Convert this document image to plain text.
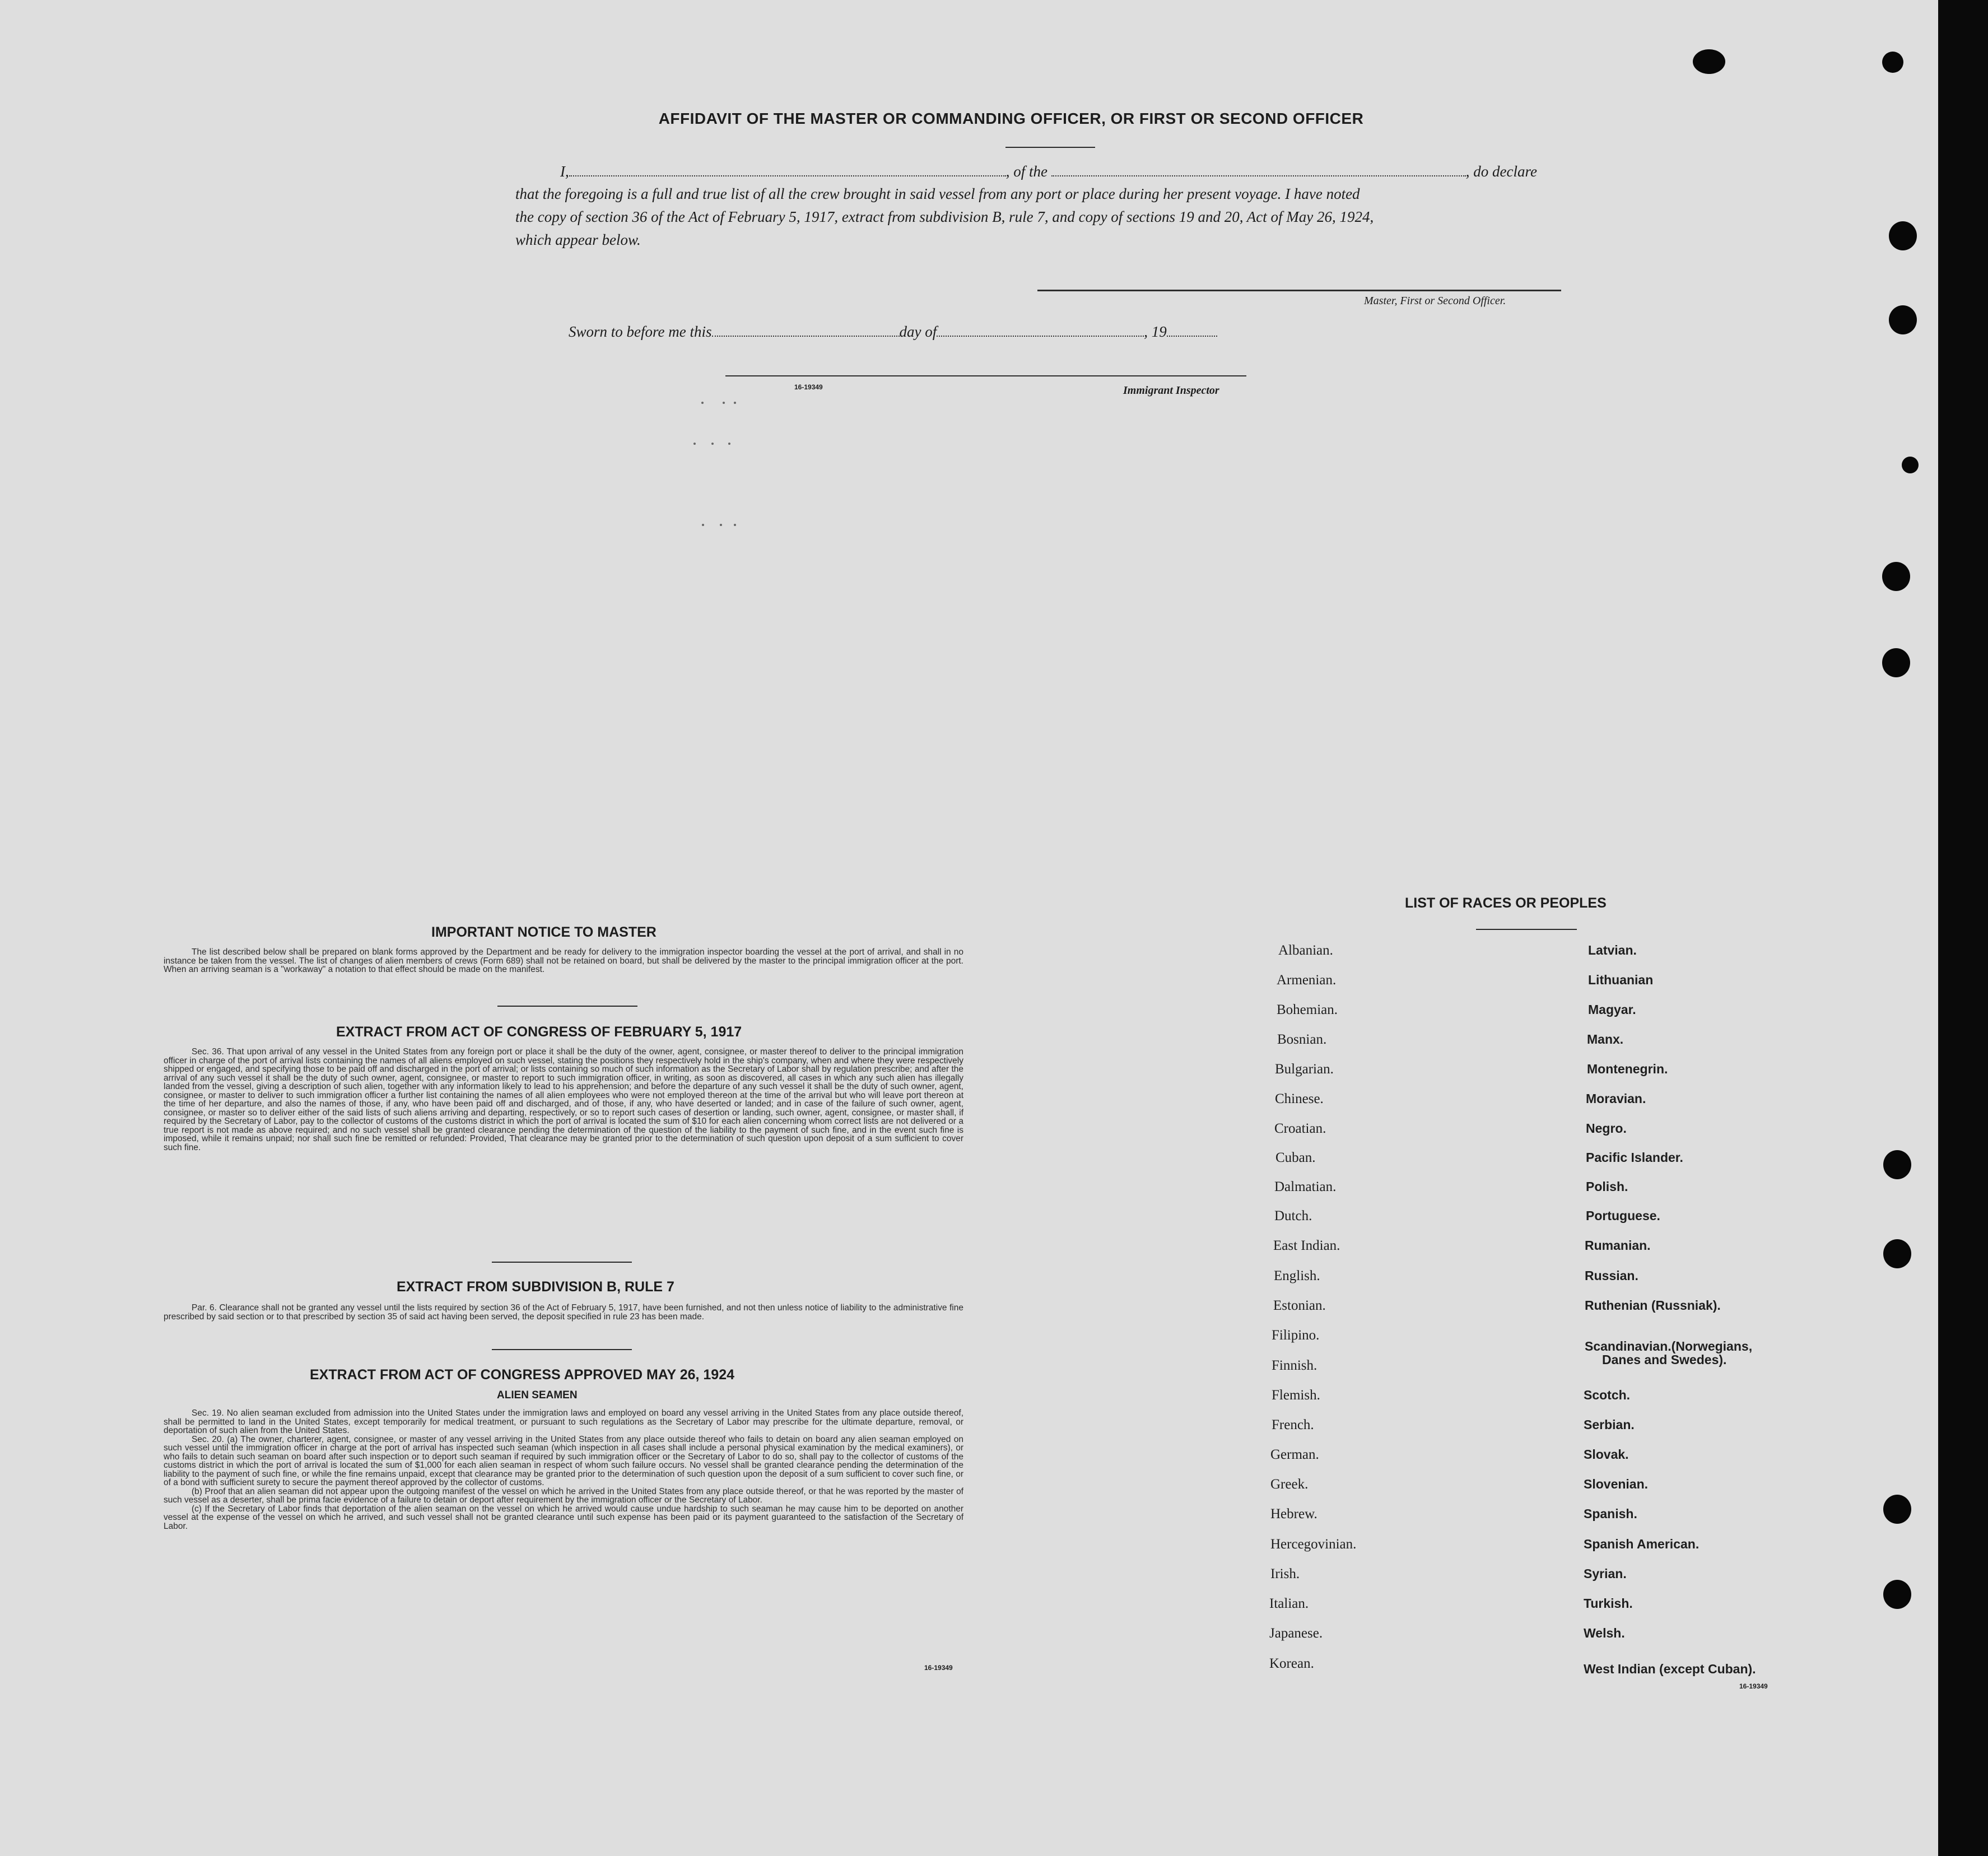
AFFIDAVIT OF THE MASTER OR COMMANDING OFFICER, OR FIRST OR SECOND OFFICER
I,	, of the	, do declare
that the foregoing is a full and true list of all the crew brought in said vessel from any port or place during her present voyage. I have noted
the copy of section 36 of the Act of February 5, 1917, extract from subdivision B, rule 7, and copy of sections 19 and 20, Act of May 26, 1924,
which appear below.
Master, First or Second Officer.
Sworn to before me this	day of	, 19
16-19349	Immigrant Inspector
IMPORTANT NOTICE TO MASTER

The list described below shall be prepared on blank forms approved by the Department and be ready for delivery to the immigration inspector boarding the vessel at the port of arrival, and shall in no instance be taken from the vessel. The list of changes of alien members of crews (Form 689) shall not be retained on board, but shall be delivered by the master to the principal immigration officer at the port. When an arriving seaman is a "workaway" a notation to that effect should be made on the manifest.

EXTRACT FROM ACT OF CONGRESS OF FEBRUARY 5, 1917

Sec. 36. That upon arrival of any vessel in the United States from any foreign port or place it shall be the duty of the owner, agent, consignee, or master thereof to deliver to the principal immigration officer in charge of the port of arrival lists containing the names of all aliens employed on such vessel, stating the positions they respectively hold in the ship's company, when and where they were respectively shipped or engaged, and specifying those to be paid off and discharged in the port of arrival; or lists containing so much of such information as the Secretary of Labor shall by regulation prescribe; and after the arrival of any such vessel it shall be the duty of such owner, agent, consignee, or master to report to such immigration officer, in writing, as soon as discovered, all cases in which any such alien has illegally landed from the vessel, giving a description of such alien, together with any information likely to lead to his apprehension; and before the departure of any such vessel it shall be the duty of such owner, agent, consignee, or master to deliver to such immigration officer a further list containing the names of all alien employees who were not employed thereon at the time of the arrival but who will leave port thereon at the time of her departure, and also the names of those, if any, who have been paid off and discharged, and of those, if any, who have deserted or landed; and in case of the failure of such owner, agent, consignee, or master so to deliver either of the said lists of such aliens arriving and departing, respectively, or so to report such cases of desertion or landing, such owner, agent, consignee, or master shall, if required by the Secretary of Labor, pay to the collector of customs of the customs district in which the port of arrival is located the sum of $10 for each alien concerning whom correct lists are not delivered or a true report is not made as above required; and no such vessel shall be granted clearance pending the determination of the question of the liability to the payment of such fine, and in the event such fine is imposed, while it remains unpaid; nor shall such fine be remitted or refunded: Provided, That clearance may be granted prior to the determination of such question upon deposit of a sum sufficient to cover such fine.

EXTRACT FROM SUBDIVISION B, RULE 7

Par. 6. Clearance shall not be granted any vessel until the lists required by section 36 of the Act of February 5, 1917, have been furnished, and not then unless notice of liability to the administrative fine prescribed by said section or to that prescribed by section 35 of said act having been served, the deposit specified in rule 23 has been made.

EXTRACT FROM ACT OF CONGRESS APPROVED MAY 26, 1924
ALIEN SEAMEN

Sec. 19. No alien seaman excluded from admission into the United States under the immigration laws and employed on board any vessel arriving in the United States from any place outside thereof, shall be permitted to land in the United States, except temporarily for medical treatment, or pursuant to such regulations as the Secretary of Labor may prescribe for the ultimate departure, removal, or deportation of such alien from the United States.

Sec. 20. (a) The owner, charterer, agent, consignee, or master of any vessel arriving in the United States from any place outside thereof who fails to detain on board any alien seaman employed on such vessel until the immigration officer in charge at the port of arrival has inspected such seaman (which inspection in all cases shall include a personal physical examination by the medical examiners), or who fails to detain such seaman on board after such inspection or to deport such seaman if required by such immigration officer or the Secretary of Labor to do so, shall pay to the collector of customs of the customs district in which the port of arrival is located the sum of $1,000 for each alien seaman in respect of whom such failure occurs. No vessel shall be granted clearance pending the determination of the liability to the payment of such fine, or while the fine remains unpaid, except that clearance may be granted prior to the determination of such question upon the deposit of a sum sufficient to cover such fine, or of a bond with sufficient surety to secure the payment thereof approved by the collector of customs.

(b) Proof that an alien seaman did not appear upon the outgoing manifest of the vessel on which he arrived in the United States from any place outside thereof, or that he was reported by the master of such vessel as a deserter, shall be prima facie evidence of a failure to detain or deport after requirement by the immigration officer or the Secretary of Labor.

(c) If the Secretary of Labor finds that deportation of the alien seaman on the vessel on which he arrived would cause undue hardship to such seaman he may cause him to be deported on another vessel at the expense of the vessel on which he arrived, and such vessel shall not be granted clearance until such expense has been paid or its payment guaranteed to the satisfaction of the Secretary of Labor.

16-19349
LIST OF RACES OR PEOPLES
16-19349
Albanian.
Armenian.
Bohemian.
Bosnian.
Bulgarian.
Chinese.
Croatian.
Cuban.
Dalmatian.
Dutch.
East Indian.
English.
Estonian.
Filipino.
Finnish.
Flemish.
French.
German.
Greek.
Hebrew.
Hercegovinian.
Irish.
Italian.
Japanese.
Korean.
Latvian.
Lithuanian
Magyar.
Manx.
Montenegrin.
Moravian.
Negro.
Pacific Islander.
Polish.
Portuguese.
Rumanian.
Russian.
Ruthenian (Russniak).
Scandinavian.(Norwegians,
Danes and Swedes).
Scotch.
Serbian.
Slovak.
Slovenian.
Spanish.
Spanish American.
Syrian.
Turkish.
Welsh.
West Indian (except Cuban).
